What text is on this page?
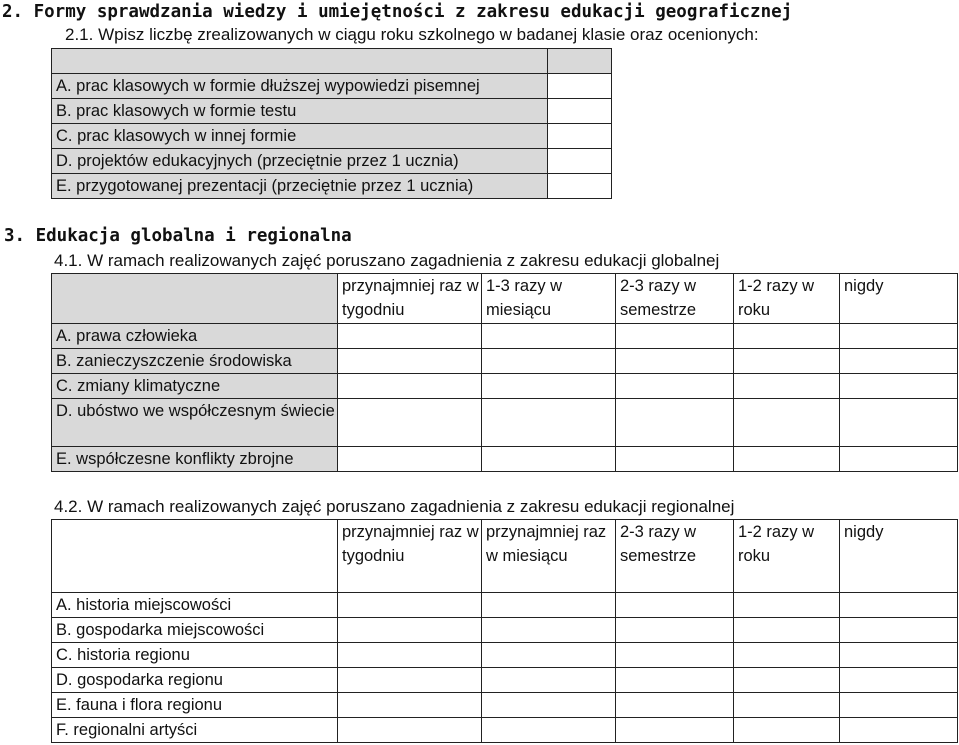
2. Formy sprawdzania wiedzy i umiejętności z zakresu edukacji geograficznej
2.1. Wpisz liczbę zrealizowanych w ciągu roku szkolnego w badanej klasie oraz ocenionych:

A. prac klasowych w formie dłuższej wypowiedzi pisemnej	
B. prac klasowych w formie testu	
C. prac klasowych w innej formie	
D. projektów edukacyjnych (przeciętnie przez 1 ucznia)	
E. przygotowanej prezentacji (przeciętnie przez 1 ucznia)	
3. Edukacja globalna i regionalna
4.1. W ramach realizowanych zajęć poruszano zagadnienia z zakresu edukacji globalnej
	przynajmniej raz w tygodniu	1-3 razy w miesiącu	2-3 razy w semestrze	1-2 razy w roku	nigdy
A. prawa człowieka					
B. zanieczyszczenie środowiska					
C. zmiany klimatyczne					
D. ubóstwo we współczesnym świecie					
E. współczesne konflikty zbrojne					
4.2. W ramach realizowanych zajęć poruszano zagadnienia z zakresu edukacji regionalnej
	przynajmniej raz w tygodniu	przynajmniej raz w miesiącu	2-3 razy w semestrze	1-2 razy w roku	nigdy
A. historia miejscowości					
B. gospodarka miejscowości					
C. historia regionu					
D. gospodarka regionu					
E. fauna i flora regionu					
F. regionalni artyści					
